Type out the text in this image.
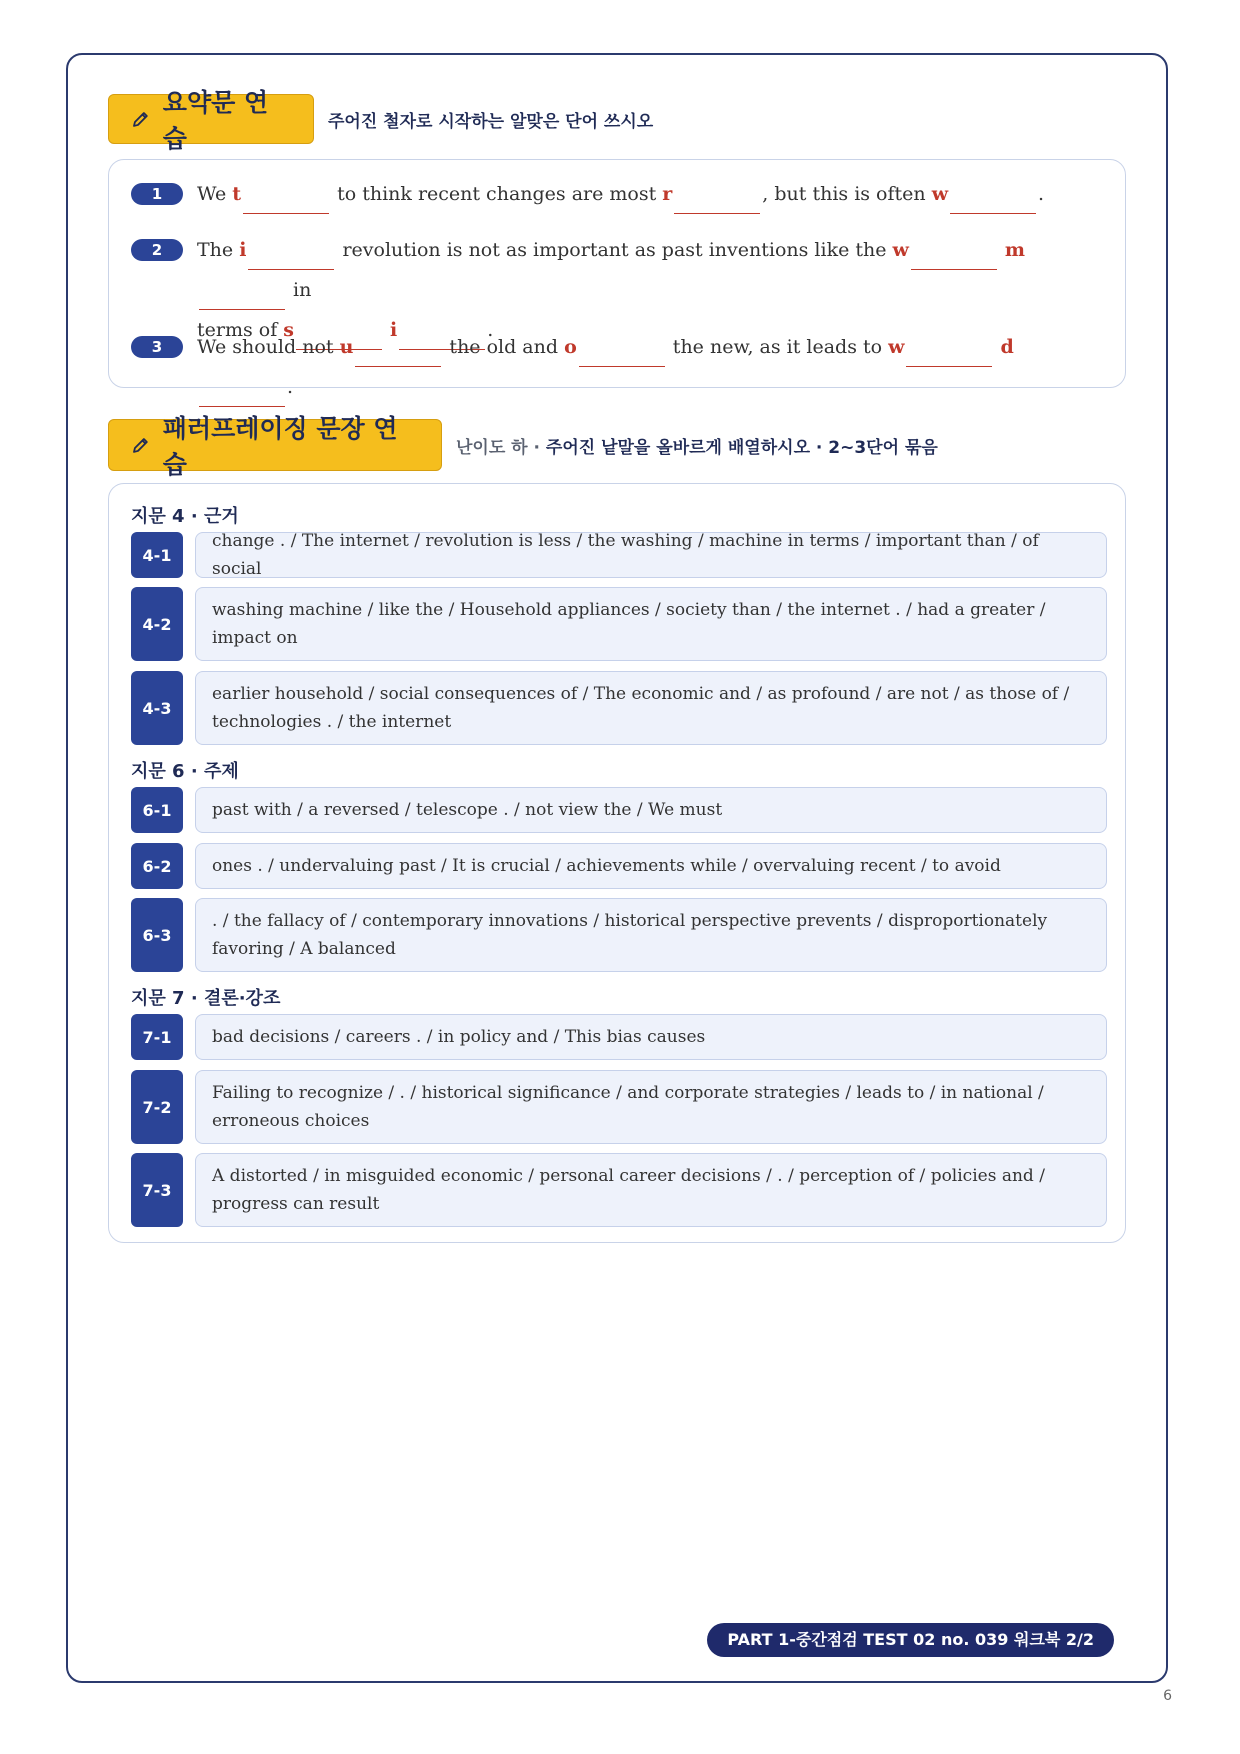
요약문 연습
주어진 철자로 시작하는 알맞은 단어 쓰시오
1	We t	to think recent changes are most r	, but this is often w	.
2	The i	revolution is not as important as past inventions like the w	min
terms of s	i	.
3	We should not u	the old and o	the new, as it leads to w	d.
패러프레이징 문장 연습
난이도 하 · 주어진 낱말을 올바르게 배열하시오 · 2~3단어 묶음
지문 4 · 근거
4-1
change . / The internet / revolution is less / the washing / machine in terms / important than / of social
4-2
washing machine / like the / Household appliances / society than / the internet . / had a greater / impact on
4-3
earlier household / social consequences of / The economic and / as profound / are not / as those of / technologies . / the internet
지문 6 · 주제
6-1	past with / a reversed / telescope . / not view the / We must
6-2	ones . / undervaluing past / It is crucial / achievements while / overvaluing recent / to avoid
6-3
. / the fallacy of / contemporary innovations / historical perspective prevents / disproportionately favoring / A balanced
지문 7 · 결론·강조
7-1	bad decisions / careers . / in policy and / This bias causes
7-2
Failing to recognize / . / historical significance / and corporate strategies / leads to / in national / erroneous choices
7-3
A distorted / in misguided economic / personal career decisions / . / perception of / policies and / progress can result
PART 1-중간점검 TEST 02 no. 039 워크북 2/2
6
